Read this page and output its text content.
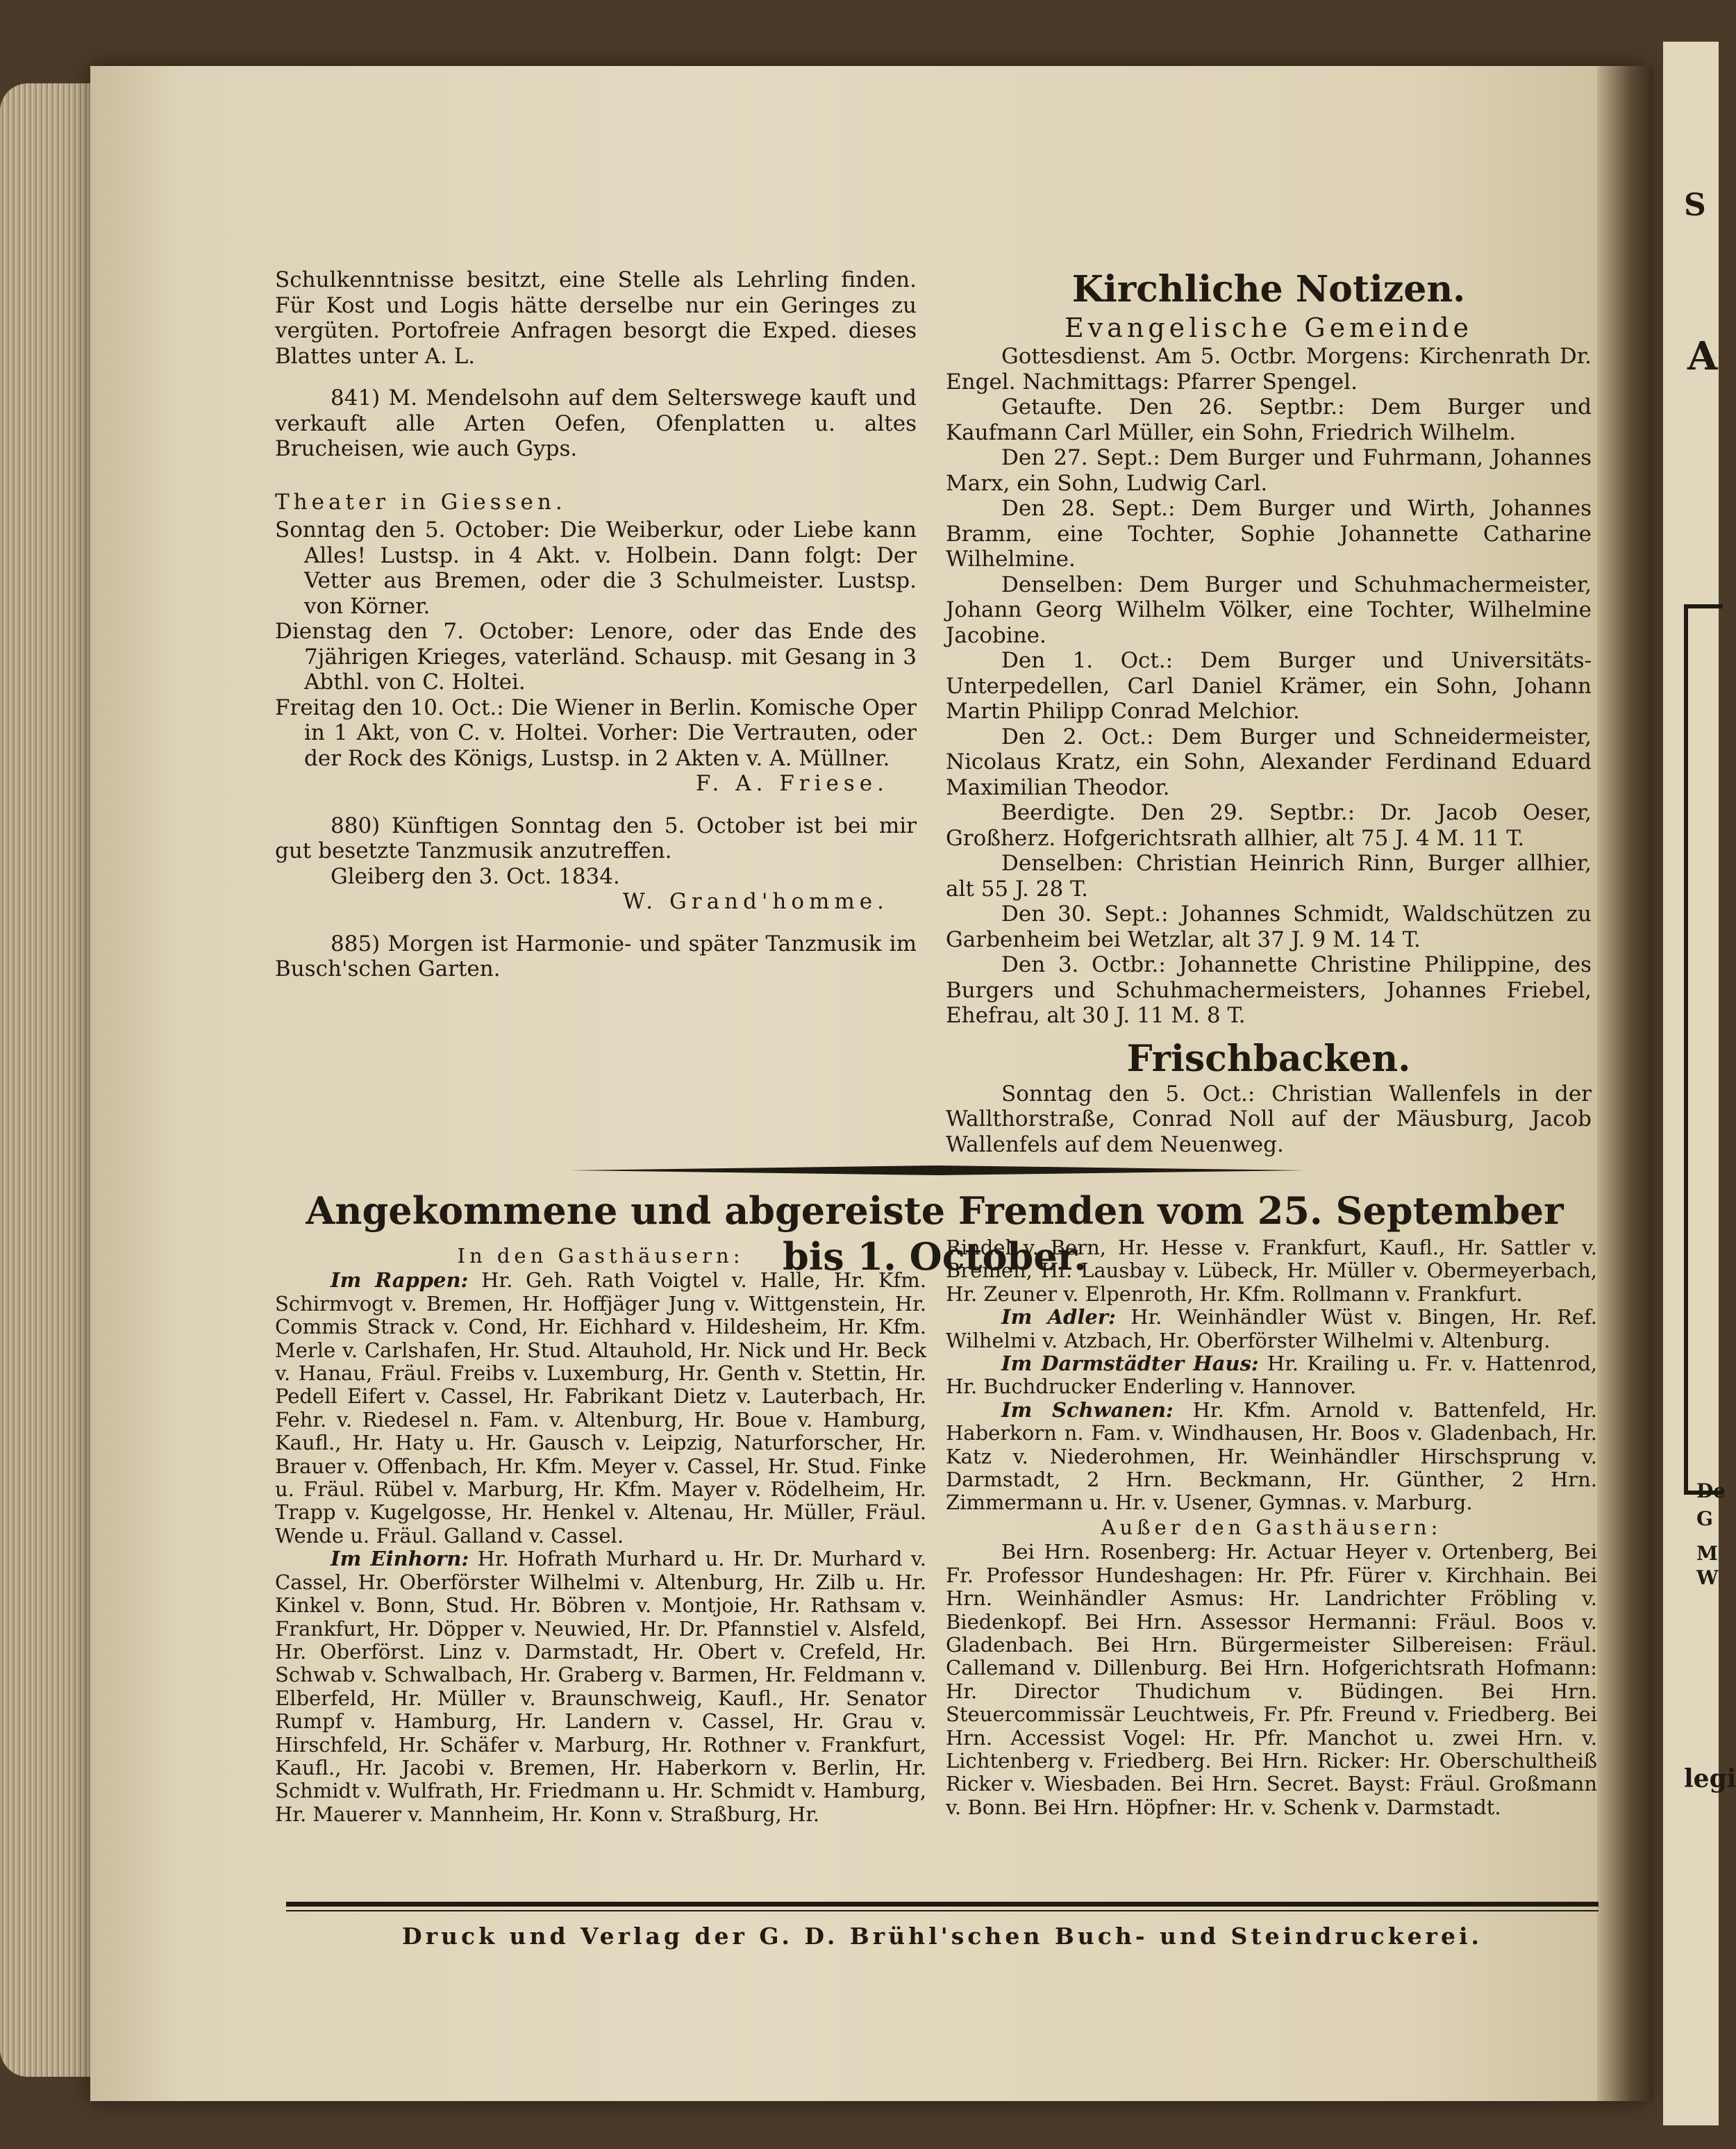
S
A
legi
De
G
M
W

Schulkenntnisse besitzt, eine Stelle als Lehrling finden. Für Kost und Logis hätte derselbe nur ein Geringes zu vergüten. Portofreie Anfragen besorgt die Exped. dieses Blattes unter A. L.

841) M. Mendelsohn auf dem Selterswege kauft und verkauft alle Arten Oefen, Ofenplatten u. altes Brucheisen, wie auch Gyps.

Theater in Giessen.

Sonntag den 5. October: Die Weiberkur, oder Liebe kann Alles! Lustsp. in 4 Akt. v. Holbein. Dann folgt: Der Vetter aus Bremen, oder die 3 Schulmeister. Lustsp. von Körner.

Dienstag den 7. October: Lenore, oder das Ende des 7jährigen Krieges, vaterländ. Schausp. mit Gesang in 3 Abthl. von C. Holtei.

Freitag den 10. Oct.: Die Wiener in Berlin. Komische Oper in 1 Akt, von C. v. Holtei. Vorher: Die Vertrauten, oder der Rock des Königs, Lustsp. in 2 Akten v. A. Müllner.

F. A. Friese.

880) Künftigen Sonntag den 5. October ist bei mir gut besetzte Tanzmusik anzutreffen.

Gleiberg den 3. Oct. 1834.

W. Grand'homme.

885) Morgen ist Harmonie- und später Tanzmusik im Busch'schen Garten.

Kirchliche Notizen.
Evangelische Gemeinde

Gottesdienst. Am 5. Octbr. Morgens: Kirchenrath Dr. Engel. Nachmittags: Pfarrer Spengel.

Getaufte. Den 26. Septbr.: Dem Burger und Kaufmann Carl Müller, ein Sohn, Friedrich Wilhelm.

Den 27. Sept.: Dem Burger und Fuhrmann, Johannes Marx, ein Sohn, Ludwig Carl.

Den 28. Sept.: Dem Burger und Wirth, Johannes Bramm, eine Tochter, Sophie Johannette Catharine Wilhelmine.

Denselben: Dem Burger und Schuhmachermeister, Johann Georg Wilhelm Völker, eine Tochter, Wilhelmine Jacobine.

Den 1. Oct.: Dem Burger und Universitäts-Unterpedellen, Carl Daniel Krämer, ein Sohn, Johann Martin Philipp Conrad Melchior.

Den 2. Oct.: Dem Burger und Schneidermeister, Nicolaus Kratz, ein Sohn, Alexander Ferdinand Eduard Maximilian Theodor.

Beerdigte. Den 29. Septbr.: Dr. Jacob Oeser, Großherz. Hofgerichtsrath allhier, alt 75 J. 4 M. 11 T.

Denselben: Christian Heinrich Rinn, Burger allhier, alt 55 J. 28 T.

Den 30. Sept.: Johannes Schmidt, Waldschützen zu Garbenheim bei Wetzlar, alt 37 J. 9 M. 14 T.

Den 3. Octbr.: Johannette Christine Philippine, des Burgers und Schuhmachermeisters, Johannes Friebel, Ehefrau, alt 30 J. 11 M. 8 T.

Frischbacken.

Sonntag den 5. Oct.: Christian Wallenfels in der Wallthorstraße, Conrad Noll auf der Mäusburg, Jacob Wallenfels auf dem Neuenweg.

Angekommene und abgereiste Fremden vom 25. September bis 1. October.

In den Gasthäusern:

Im Rappen: Hr. Geh. Rath Voigtel v. Halle, Hr. Kfm. Schirmvogt v. Bremen, Hr. Hoffjäger Jung v. Wittgenstein, Hr. Commis Strack v. Cond, Hr. Eichhard v. Hildesheim, Hr. Kfm. Merle v. Carlshafen, Hr. Stud. Altauhold, Hr. Nick und Hr. Beck v. Hanau, Fräul. Freibs v. Luxemburg, Hr. Genth v. Stettin, Hr. Pedell Eifert v. Cassel, Hr. Fabrikant Dietz v. Lauterbach, Hr. Fehr. v. Riedesel n. Fam. v. Altenburg, Hr. Boue v. Hamburg, Kaufl., Hr. Haty u. Hr. Gausch v. Leipzig, Naturforscher, Hr. Brauer v. Offenbach, Hr. Kfm. Meyer v. Cassel, Hr. Stud. Finke u. Fräul. Rübel v. Marburg, Hr. Kfm. Mayer v. Rödelheim, Hr. Trapp v. Kugelgosse, Hr. Henkel v. Altenau, Hr. Müller, Fräul. Wende u. Fräul. Galland v. Cassel.

Im Einhorn: Hr. Hofrath Murhard u. Hr. Dr. Murhard v. Cassel, Hr. Oberförster Wilhelmi v. Altenburg, Hr. Zilb u. Hr. Kinkel v. Bonn, Stud. Hr. Böbren v. Montjoie, Hr. Rathsam v. Frankfurt, Hr. Döpper v. Neuwied, Hr. Dr. Pfannstiel v. Alsfeld, Hr. Oberförst. Linz v. Darmstadt, Hr. Obert v. Crefeld, Hr. Schwab v. Schwalbach, Hr. Graberg v. Barmen, Hr. Feldmann v. Elberfeld, Hr. Müller v. Braunschweig, Kaufl., Hr. Senator Rumpf v. Hamburg, Hr. Landern v. Cassel, Hr. Grau v. Hirschfeld, Hr. Schäfer v. Marburg, Hr. Rothner v. Frankfurt, Kaufl., Hr. Jacobi v. Bremen, Hr. Haberkorn v. Berlin, Hr. Schmidt v. Wulfrath, Hr. Friedmann u. Hr. Schmidt v. Hamburg, Hr. Mauerer v. Mannheim, Hr. Konn v. Straßburg, Hr.

Rindel v. Bern, Hr. Hesse v. Frankfurt, Kaufl., Hr. Sattler v. Bremen, Hr. Lausbay v. Lübeck, Hr. Müller v. Obermeyerbach, Hr. Zeuner v. Elpenroth, Hr. Kfm. Rollmann v. Frankfurt.

Im Adler: Hr. Weinhändler Wüst v. Bingen, Hr. Ref. Wilhelmi v. Atzbach, Hr. Oberförster Wilhelmi v. Altenburg.

Im Darmstädter Haus: Hr. Krailing u. Fr. v. Hattenrod, Hr. Buchdrucker Enderling v. Hannover.

Im Schwanen: Hr. Kfm. Arnold v. Battenfeld, Hr. Haberkorn n. Fam. v. Windhausen, Hr. Boos v. Gladenbach, Hr. Katz v. Niederohmen, Hr. Weinhändler Hirschsprung v. Darmstadt, 2 Hrn. Beckmann, Hr. Günther, 2 Hrn. Zimmermann u. Hr. v. Usener, Gymnas. v. Marburg.

Außer den Gasthäusern:

Bei Hrn. Rosenberg: Hr. Actuar Heyer v. Ortenberg, Bei Fr. Professor Hundeshagen: Hr. Pfr. Fürer v. Kirchhain. Bei Hrn. Weinhändler Asmus: Hr. Landrichter Fröbling v. Biedenkopf. Bei Hrn. Assessor Hermanni: Fräul. Boos v. Gladenbach. Bei Hrn. Bürgermeister Silbereisen: Fräul. Callemand v. Dillenburg. Bei Hrn. Hofgerichtsrath Hofmann: Hr. Director Thudichum v. Büdingen. Bei Hrn. Steuercommissär Leuchtweis, Fr. Pfr. Freund v. Friedberg. Bei Hrn. Accessist Vogel: Hr. Pfr. Manchot u. zwei Hrn. v. Lichtenberg v. Friedberg. Bei Hrn. Ricker: Hr. Oberschultheiß Ricker v. Wiesbaden. Bei Hrn. Secret. Bayst: Fräul. Großmann v. Bonn. Bei Hrn. Höpfner: Hr. v. Schenk v. Darmstadt.

Druck und Verlag der G. D. Brühl'schen Buch- und Steindruckerei.
